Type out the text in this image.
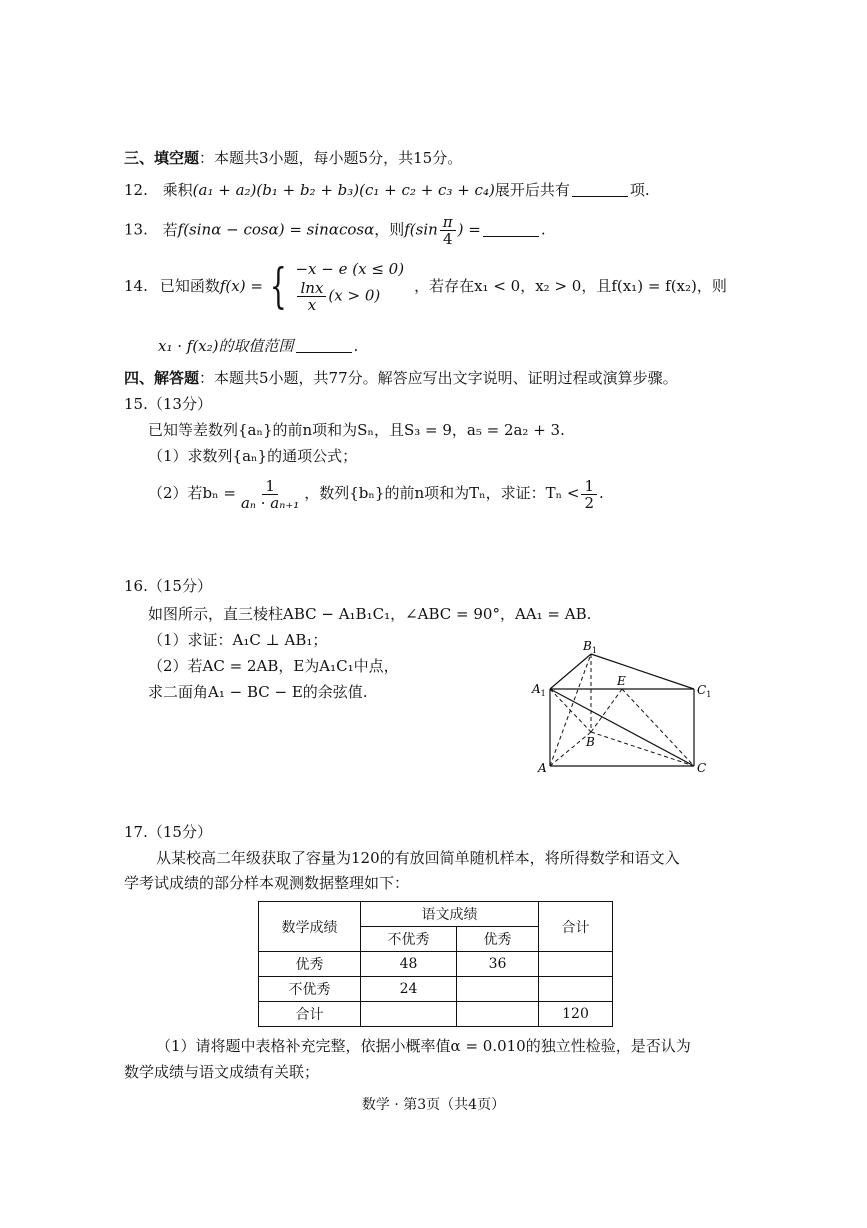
三、填空题：本题共3小题，每小题5分，共15分。
12. 乘积(a₁ + a₂)(b₁ + b₂ + b₃)(c₁ + c₂ + c₃ + c₄)展开后共有	项.
13. 若f(sinα − cosα) = sinαcosα，则$f(\sin \frac{\pi}{4}$ ) =	.
14. 已知函数 f(x) = { −x − e (x ≤ 0)
$\frac{\ln x}{x} (x > 0)$
，若存在x₁ < 0，x₂ > 0，且f(x₁) = f(x₂)，则
x₁ · f(x₂)的取值范围	.
四、解答题：本题共5小题，共77分。解答应写出文字说明、证明过程或演算步骤。
15.（13分）
已知等差数列{aₙ}的前n项和为Sₙ，且S₃ = 9，a₅ = 2a₂ + 3.
（1）求数列{aₙ}的通项公式；
（2）若$b_n = \frac{1}{\text{aₙ · aₙ₊₁}}$ ，数列{bₙ}的前n项和为Tₙ，求证：$T_n < \frac{1}{2}$ .
16.（15分）
如图所示，直三棱柱ABC − A₁B₁C₁，∠ABC = 90°，AA₁ = AB.
（1）求证：A₁C ⊥ AB₁；
（2）若AC = 2AB，E为A₁C₁中点，
求二面角A₁ − BC − E的余弦值.
$B_1$
$A_1$	$C_1$
E
B
A	C
17.（15分）
从某校高二年级获取了容量为120的有放回简单随机样本，将所得数学和语文入
学考试成绩的部分样本观测数据整理如下：
数学成绩	语文成绩		合计
	不优秀	优秀	
优秀	48	36	
不优秀	24		
合计			120
（1）请将题中表格补充完整，依据小概率值α = 0.010的独立性检验，是否认为
数学成绩与语文成绩有关联；
数学 · 第3页（共4页）
